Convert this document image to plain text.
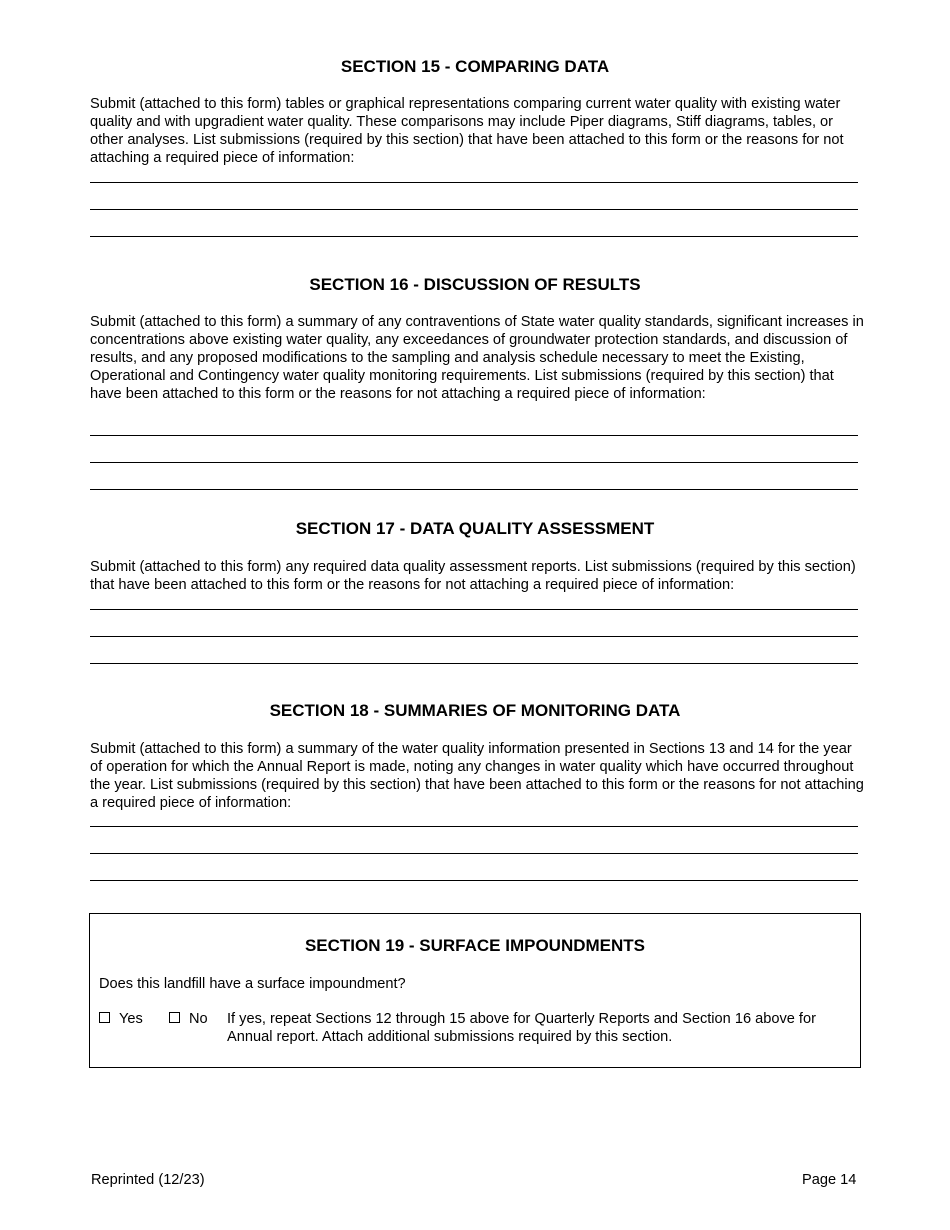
SECTION 15 - COMPARING DATA

Submit (attached to this form) tables or graphical representations comparing current water quality with existing water quality and with upgradient water quality. These comparisons may include Piper diagrams, Stiff diagrams, tables, or other analyses. List submissions (required by this section) that have been attached to this form or the reasons for not attaching a required piece of information:

SECTION 16 - DISCUSSION OF RESULTS

Submit (attached to this form) a summary of any contraventions of State water quality standards, significant increases in concentrations above existing water quality, any exceedances of groundwater protection standards, and discussion of results, and any proposed modifications to the sampling and analysis schedule necessary to meet the Existing, Operational and Contingency water quality monitoring requirements. List submissions (required by this section) that have been attached to this form or the reasons for not attaching a required piece of information:

SECTION 17 - DATA QUALITY ASSESSMENT

Submit (attached to this form) any required data quality assessment reports. List submissions (required by this section) that have been attached to this form or the reasons for not attaching a required piece of information:

SECTION 18 - SUMMARIES OF MONITORING DATA

Submit (attached to this form) a summary of the water quality information presented in Sections 13 and 14 for the year of operation for which the Annual Report is made, noting any changes in water quality which have occurred throughout the year. List submissions (required by this section) that have been attached to this form or the reasons for not attaching a required piece of information:

SECTION 19 - SURFACE IMPOUNDMENTS
Does this landfill have a surface impoundment?
Yes	No If yes, repeat Sections 12 through 15 above for Quarterly Reports and Section 16 above for Annual report. Attach additional submissions required by this section.
Reprinted (12/23)	Page 14
